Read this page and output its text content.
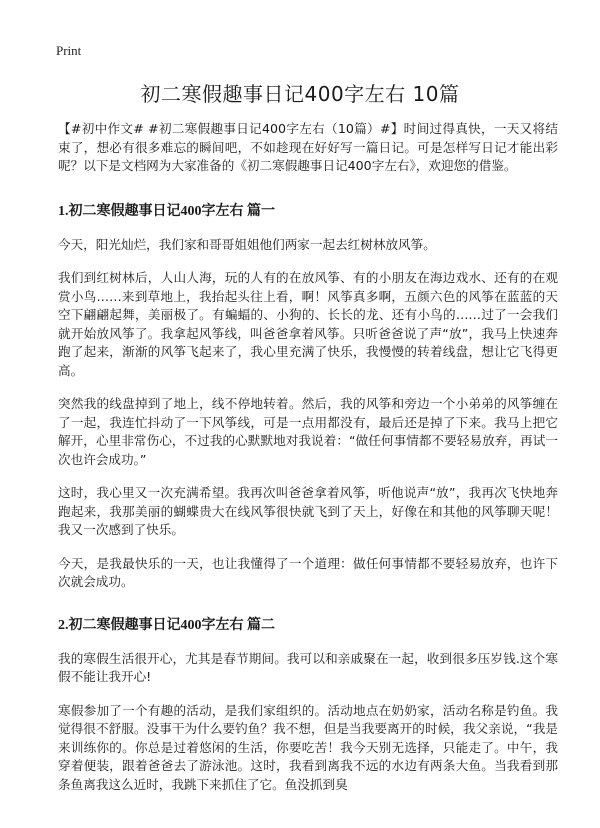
Print
初二寒假趣事日记400字左右 10篇

【#初中作文# #初二寒假趣事日记400字左右（10篇）#】时间过得真快，一天又将结束了，想必有很多难忘的瞬间吧，不如趁现在好好写一篇日记。可是怎样写日记才能出彩呢？以下是文档网为大家准备的《初二寒假趣事日记400字左右》，欢迎您的借鉴。

1.初二寒假趣事日记400字左右 篇一

今天，阳光灿烂，我们家和哥哥姐姐他们两家一起去红树林放风筝。

我们到红树林后，人山人海，玩的人有的在放风筝、有的小朋友在海边戏水、还有的在观赏小鸟……来到草地上，我抬起头往上看，啊！风筝真多啊，五颜六色的风筝在蓝蓝的天空下翩翩起舞，美丽极了。有蝙蝠的、小狗的、长长的龙、还有小鸟的……过了一会我们就开始放风筝了。我拿起风筝线，叫爸爸拿着风筝。只听爸爸说了声“放”，我马上快速奔跑了起来，渐渐的风筝飞起来了，我心里充满了快乐，我慢慢的转着线盘，想让它飞得更高。

突然我的线盘掉到了地上，线不停地转着。然后，我的风筝和旁边一个小弟弟的风筝缠在了一起，我连忙抖动了一下风筝线，可是一点用都没有，最后还是掉了下来。我马上把它解开，心里非常伤心，不过我的心默默地对我说着：“做任何事情都不要轻易放弃，再试一次也许会成功。”

这时，我心里又一次充满希望。我再次叫爸爸拿着风筝，听他说声“放”，我再次飞快地奔跑起来，我那美丽的蝴蝶贵大在线风筝很快就飞到了天上，好像在和其他的风筝聊天呢！我又一次感到了快乐。

今天，是我最快乐的一天，也让我懂得了一个道理：做任何事情都不要轻易放弃，也许下次就会成功。

2.初二寒假趣事日记400字左右 篇二

我的寒假生活很开心，尤其是春节期间。我可以和亲戚聚在一起，收到很多压岁钱.这个寒假不能让我开心!

寒假参加了一个有趣的活动，是我们家组织的。活动地点在奶奶家，活动名称是钓鱼。我觉得很不舒服。没事干为什么要钓鱼？我不想，但是当我要离开的时候，我父亲说，“我是来训练你的。你总是过着悠闲的生活，你要吃苦！我今天别无选择，只能走了。中午，我穿着便装，跟着爸爸去了游泳池。这时，我看到离我不远的水边有两条大鱼。当我看到那条鱼离我这么近时，我跳下来抓住了它。鱼没抓到臭
